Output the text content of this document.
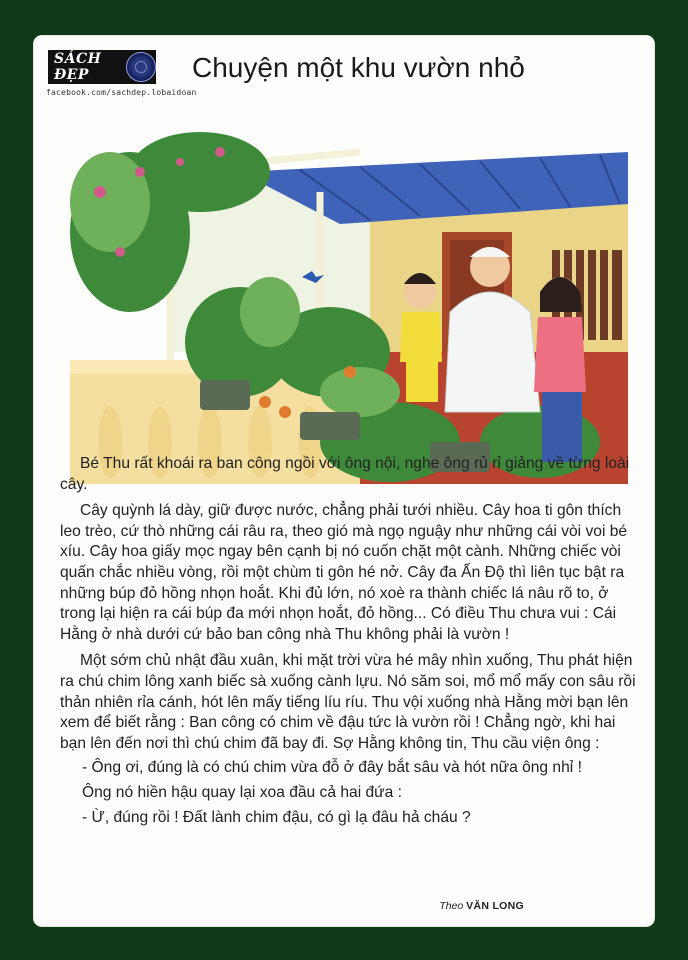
SÁCH ĐẸP
facebook.com/sachdep.lobaidoan
Chuyện một khu vườn nhỏ

Bé Thu rất khoái ra ban công ngồi với ông nội, nghe ông rủ rỉ giảng về từng loài cây.

Cây quỳnh lá dày, giữ được nước, chẳng phải tưới nhiều. Cây hoa ti gôn thích leo trèo, cứ thò những cái râu ra, theo gió mà ngọ nguậy như những cái vòi voi bé xíu. Cây hoa giấy mọc ngay bên cạnh bị nó cuốn chặt một cành. Những chiếc vòi quấn chắc nhiều vòng, rồi một chùm ti gôn hé nở. Cây đa Ấn Độ thì liên tục bật ra những búp đỏ hồng nhọn hoắt. Khi đủ lớn, nó xoè ra thành chiếc lá nâu rõ to, ở trong lại hiện ra cái búp đa mới nhọn hoắt, đỏ hồng... Có điều Thu chưa vui : Cái Hằng ở nhà dưới cứ bảo ban công nhà Thu không phải là vườn !

Một sớm chủ nhật đầu xuân, khi mặt trời vừa hé mây nhìn xuống, Thu phát hiện ra chú chim lông xanh biếc sà xuống cành lựu. Nó săm soi, mổ mổ mấy con sâu rồi thản nhiên rỉa cánh, hót lên mấy tiếng líu ríu. Thu vội xuống nhà Hằng mời bạn lên xem để biết rằng : Ban công có chim về đậu tức là vườn rồi ! Chẳng ngờ, khi hai bạn lên đến nơi thì chú chim đã bay đi. Sợ Hằng không tin, Thu cầu viện ông :

- Ông ơi, đúng là có chú chim vừa đỗ ở đây bắt sâu và hót nữa ông nhỉ !

Ông nó hiền hậu quay lại xoa đầu cả hai đứa :

- Ừ, đúng rồi ! Đất lành chim đậu, có gì lạ đâu hả cháu ?

Theo VĂN LONG
